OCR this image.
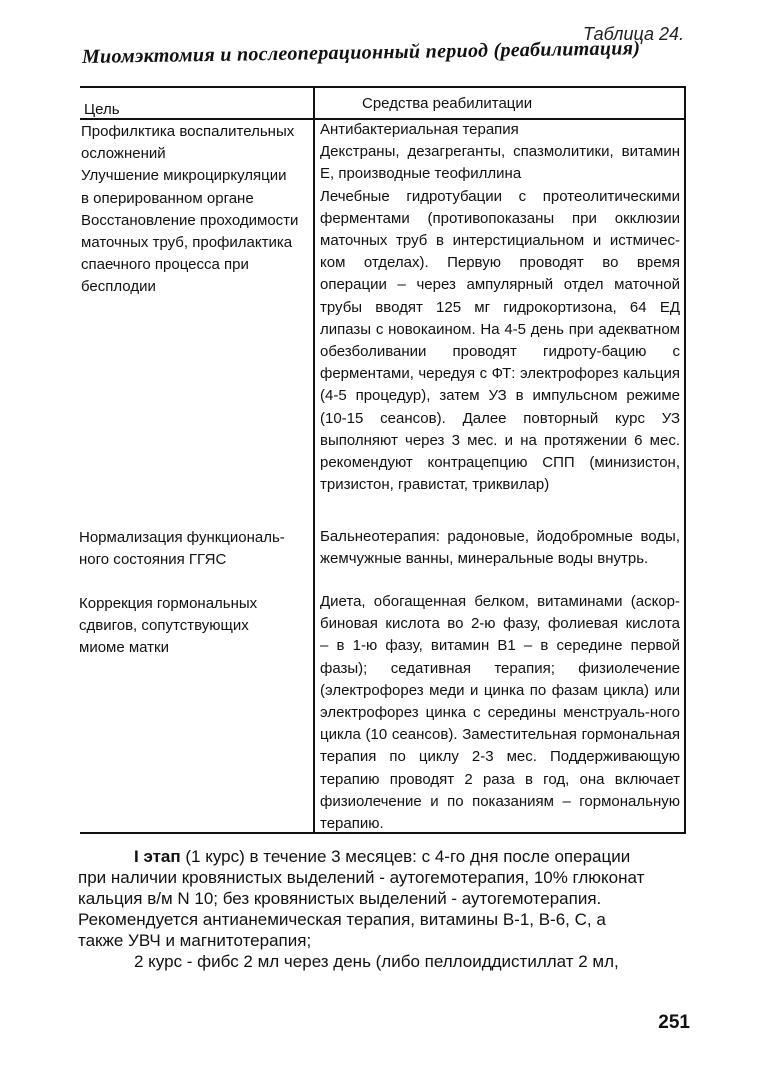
Таблица 24.
Миомэктомия и послеоперационный период (реабилитация)
Цель	Средства реабилитации
Профилктика воспалительных
осложнений
Улучшение микроциркуляции
в оперированном органе
Восстановление проходимости
маточных труб, профилактика
спаечного процесса при
бесплодии
Антибактериальная терапия
Декстраны, дезагреганты, спазмолитики, витамин
Е, производные теофиллина
Лечебные гидротубации с протеолитическими
ферментами (противопоказаны при окклюзии
маточных труб в интерстициальном и истмичес-
ком отделах). Первую проводят во время
операции – через ампулярный отдел маточной
трубы вводят 125 мг гидрокортизона, 64 ЕД
липазы с новокаином. На 4-5 день при адекватном
обезболивании проводят гидроту-бацию с
ферментами, чередуя с ФТ: электрофорез кальция
(4-5 процедур), затем УЗ в импульсном режиме
(10-15 сеансов). Далее повторный курс УЗ
выполняют через 3 мес. и на протяжении 6 мес.
рекомендуют контрацепцию СПП (минизистон,
тризистон, гравистат, триквилар)
Нормализация функциональ-
ного состояния ГГЯС
Бальнеотерапия: радоновые, йодобромные воды,
жемчужные ванны, минеральные воды внутрь.
Коррекция гормональных
сдвигов, сопутствующих
миоме матки
Диета, обогащенная белком, витаминами (аскор-
биновая кислота во 2-ю фазу, фолиевая кислота
– в 1-ю фазу, витамин В1 – в середине первой
фазы); седативная терапия; физиолечение
(электрофорез меди и цинка по фазам цикла) или
электрофорез цинка с середины менструаль-ного
цикла (10 сеансов). Заместительная гормональная
терапия по циклу 2-3 мес. Поддерживающую
терапию проводят 2 раза в год, она включает
физиолечение и по показаниям – гормональную
терапию.
I этап (1 курс) в течение 3 месяцев: с 4-го дня после операции
при наличии кровянистых выделений - аутогемотерапия, 10% глюконат
кальция в/м N 10; без кровянистых выделений - аутогемотерапия.
Рекомендуется антианемическая терапия, витамины В-1, В-6, С, а
также УВЧ и магнитотерапия;
2 курс - фибс 2 мл через день (либо пеллоиддистиллат 2 мл,
251
